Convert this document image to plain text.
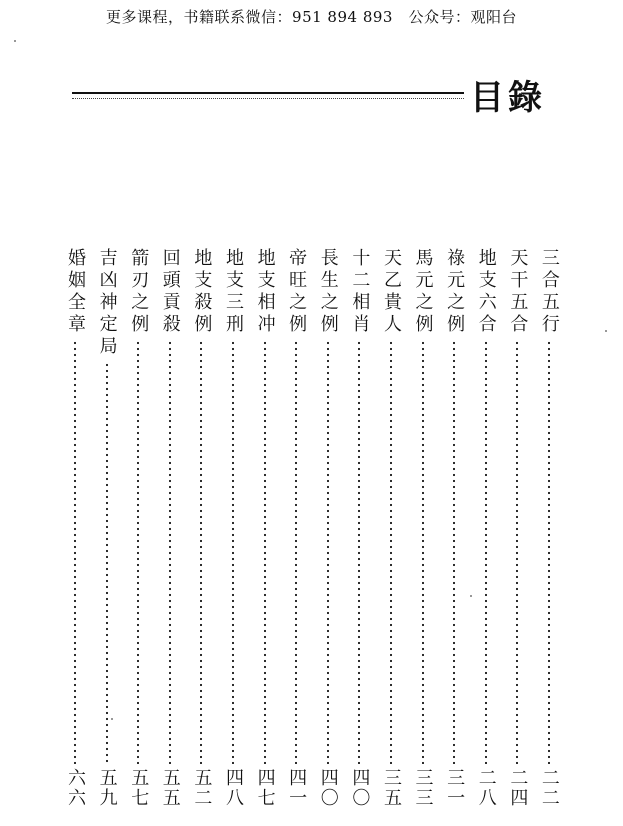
更多课程，书籍联系微信：951 894 893　公众号：观阳台
目錄
三合五行
二二
天干五合
二四
地支六合
二八
祿元之例
三一
馬元之例
三三
天乙貴人
三五
十二相肖
四〇
長生之例
四〇
帝旺之例
四一
地支相冲
四七
地支三刑
四八
地支殺例
五二
回頭貢殺
五五
箭刃之例
五七
吉凶神定局
五九
婚姻全章
六六
